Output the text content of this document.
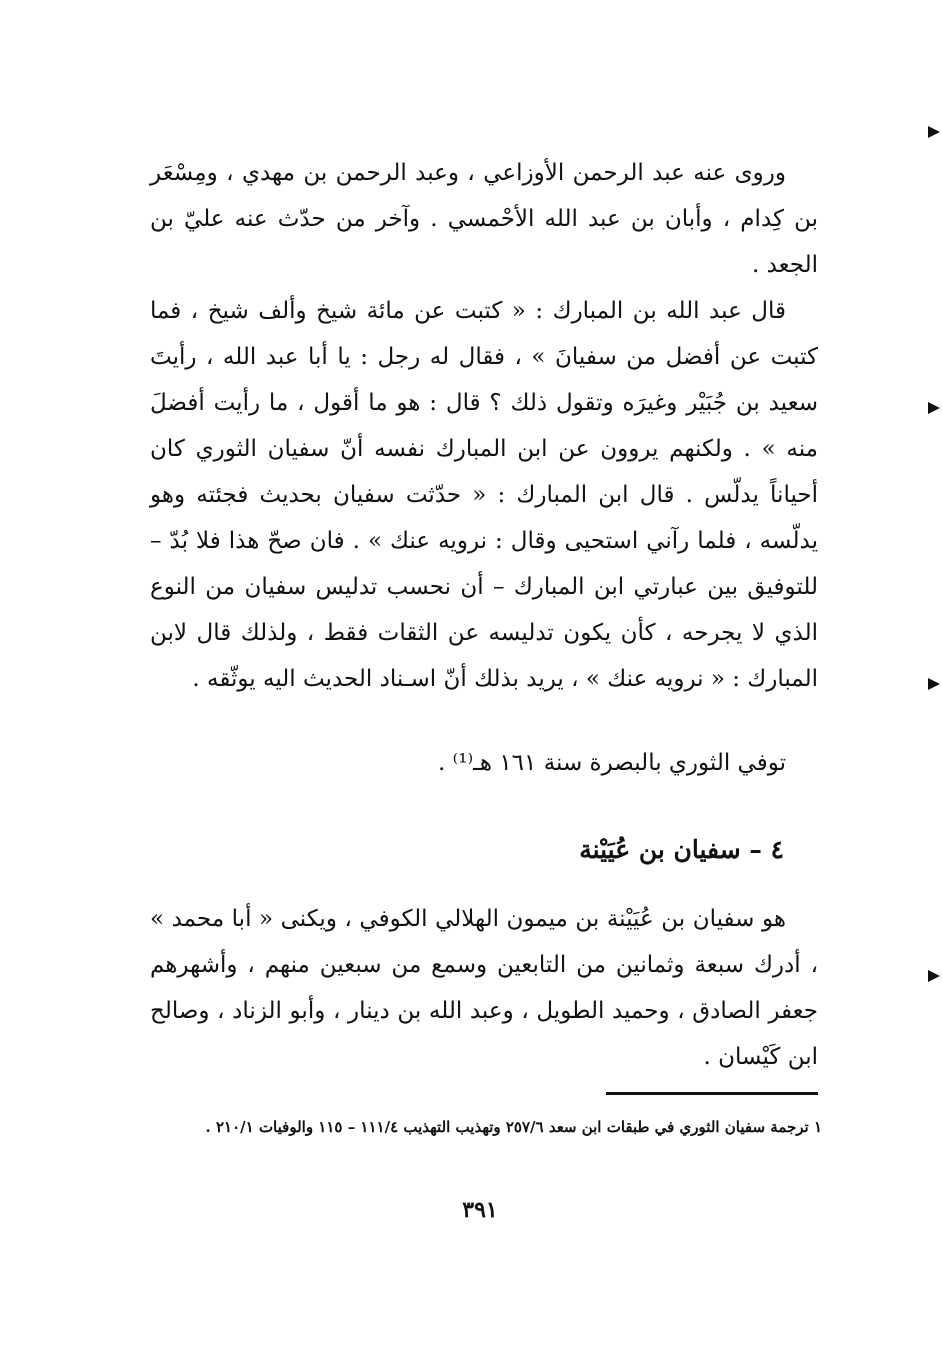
وروى عنه عبد الرحمن الأوزاعي ، وعبد الرحمن بن مهدي ، ومِسْعَر بن كِدام ، وأبان بن عبد الله الأحْمسي . وآخر من حدّث عنه عليّ بن الجعد .

قال عبد الله بن المبارك : « كتبت عن مائة شيخ وألف شيخ ، فما كتبت عن أفضل من سفيانَ » ، فقال له رجل : يا أبا عبد الله ، رأيتَ سعيد بن جُبَيْر وغيرَه وتقول ذلك ؟ قال : هو ما أقول ، ما رأيت أفضلَ منه » . ولكنهم يروون عن ابن المبارك نفسه أنّ سفيان الثوري كان أحياناً يدلّس . قال ابن المبارك : « حدّثت سفيان بحديث فجئته وهو يدلّسه ، فلما رآني استحيى وقال : نرويه عنك » . فان صحّ هذا فلا بُدّ – للتوفيق بين عبارتي ابن المبارك – أن نحسب تدليس سفيان من النوع الذي لا يجرحه ، كأن يكون تدليسه عن الثقات فقط ، ولذلك قال لابن المبارك : « نرويه عنك » ، يريد بذلك أنّ اسـناد الحديث اليه يوثّقه .

توفي الثوري بالبصرة سنة ١٦١ هـ⁽¹⁾ .

٤ – سفيان بن عُيَيْنة

هو سفيان بن عُيَيْنة بن ميمون الهلالي الكوفي ، ويكنى « أبا محمد » ، أدرك سبعة وثمانين من التابعين وسمع من سبعين منهم ، وأشهرهم جعفر الصادق ، وحميد الطويل ، وعبد الله بن دينار ، وأبو الزناد ، وصالح ابن كَيْسان .

١ ترجمة سفيان الثوري في طبقات ابن سعد ٢٥٧/٦ وتهذيب التهذيب ١١١/٤ – ١١٥ والوفيات ٢١٠/١ .

٣٩١
